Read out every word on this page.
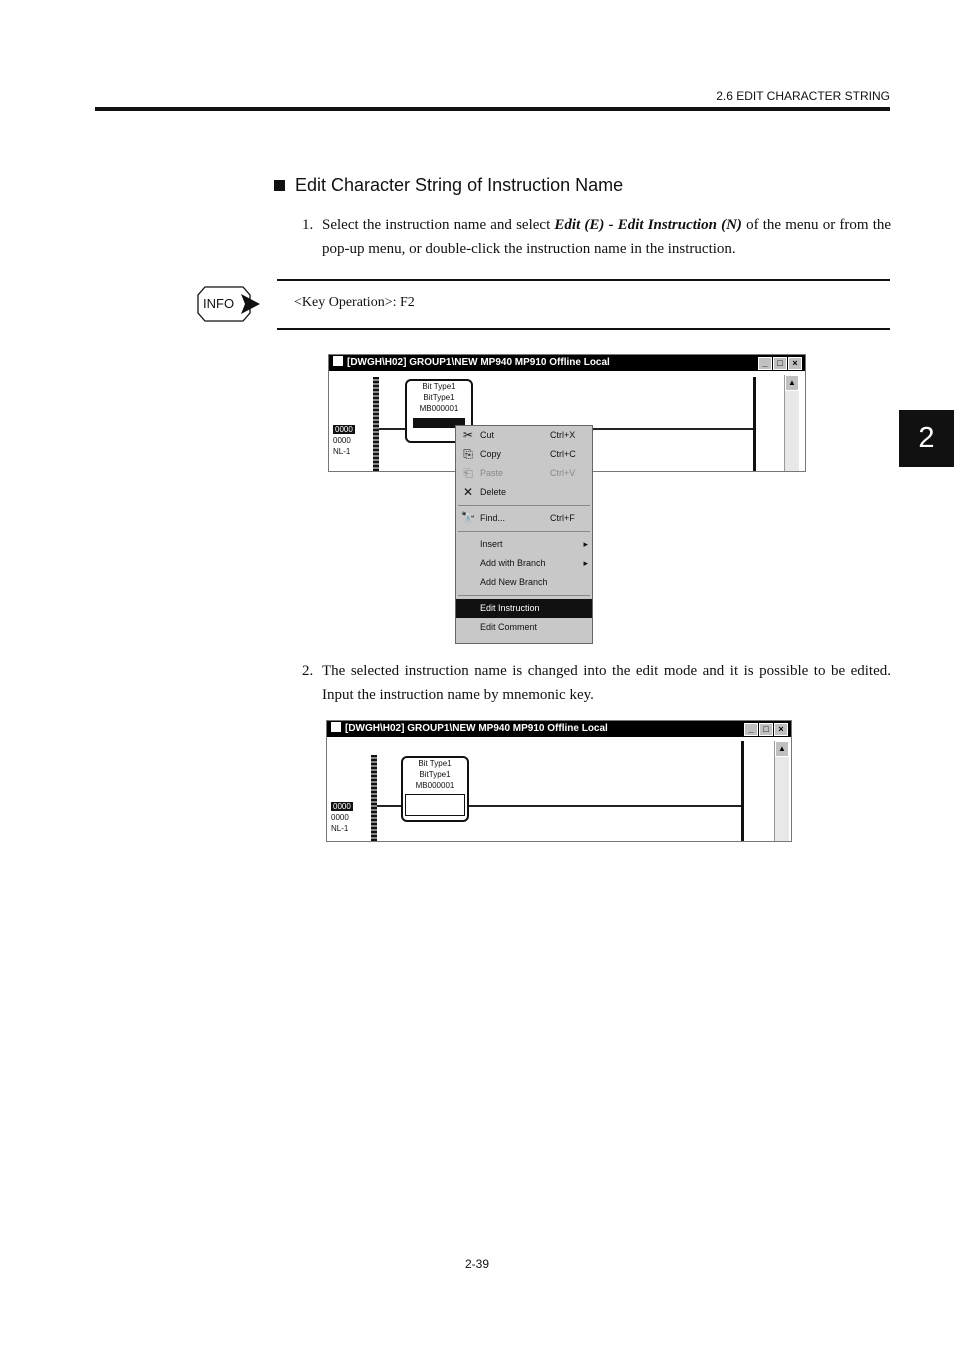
2.6 EDIT CHARACTER STRING
2
Edit Character String of Instruction Name
1. Select the instruction name and select Edit (E) - Edit Instruction (N) of the menu or from the pop-up menu, or double-click the instruction name in the instruction.
INFO	<Key Operation>: F2
[DWGH\H02] GROUP1\NEW MP940 MP910 Offline Local	_	□	×
0000
0000
NL-1
Bit Type1
BitType1
MB000001
▲
✂ Cut	Ctrl+X
⎘ Copy	Ctrl+C
⎗ Paste	Ctrl+V
✕ Delete
🔭 Find...	Ctrl+F
Insert	▸
Add with Branch	▸
Add New Branch
Edit Instruction
Edit Comment
2. The selected instruction name is changed into the edit mode and it is possible to be edited. Input the instruction name by mnemonic key.
[DWGH\H02] GROUP1\NEW MP940 MP910 Offline Local	_	□	×
0000
0000
NL-1
Bit Type1
BitType1
MB000001
▲
2-39
